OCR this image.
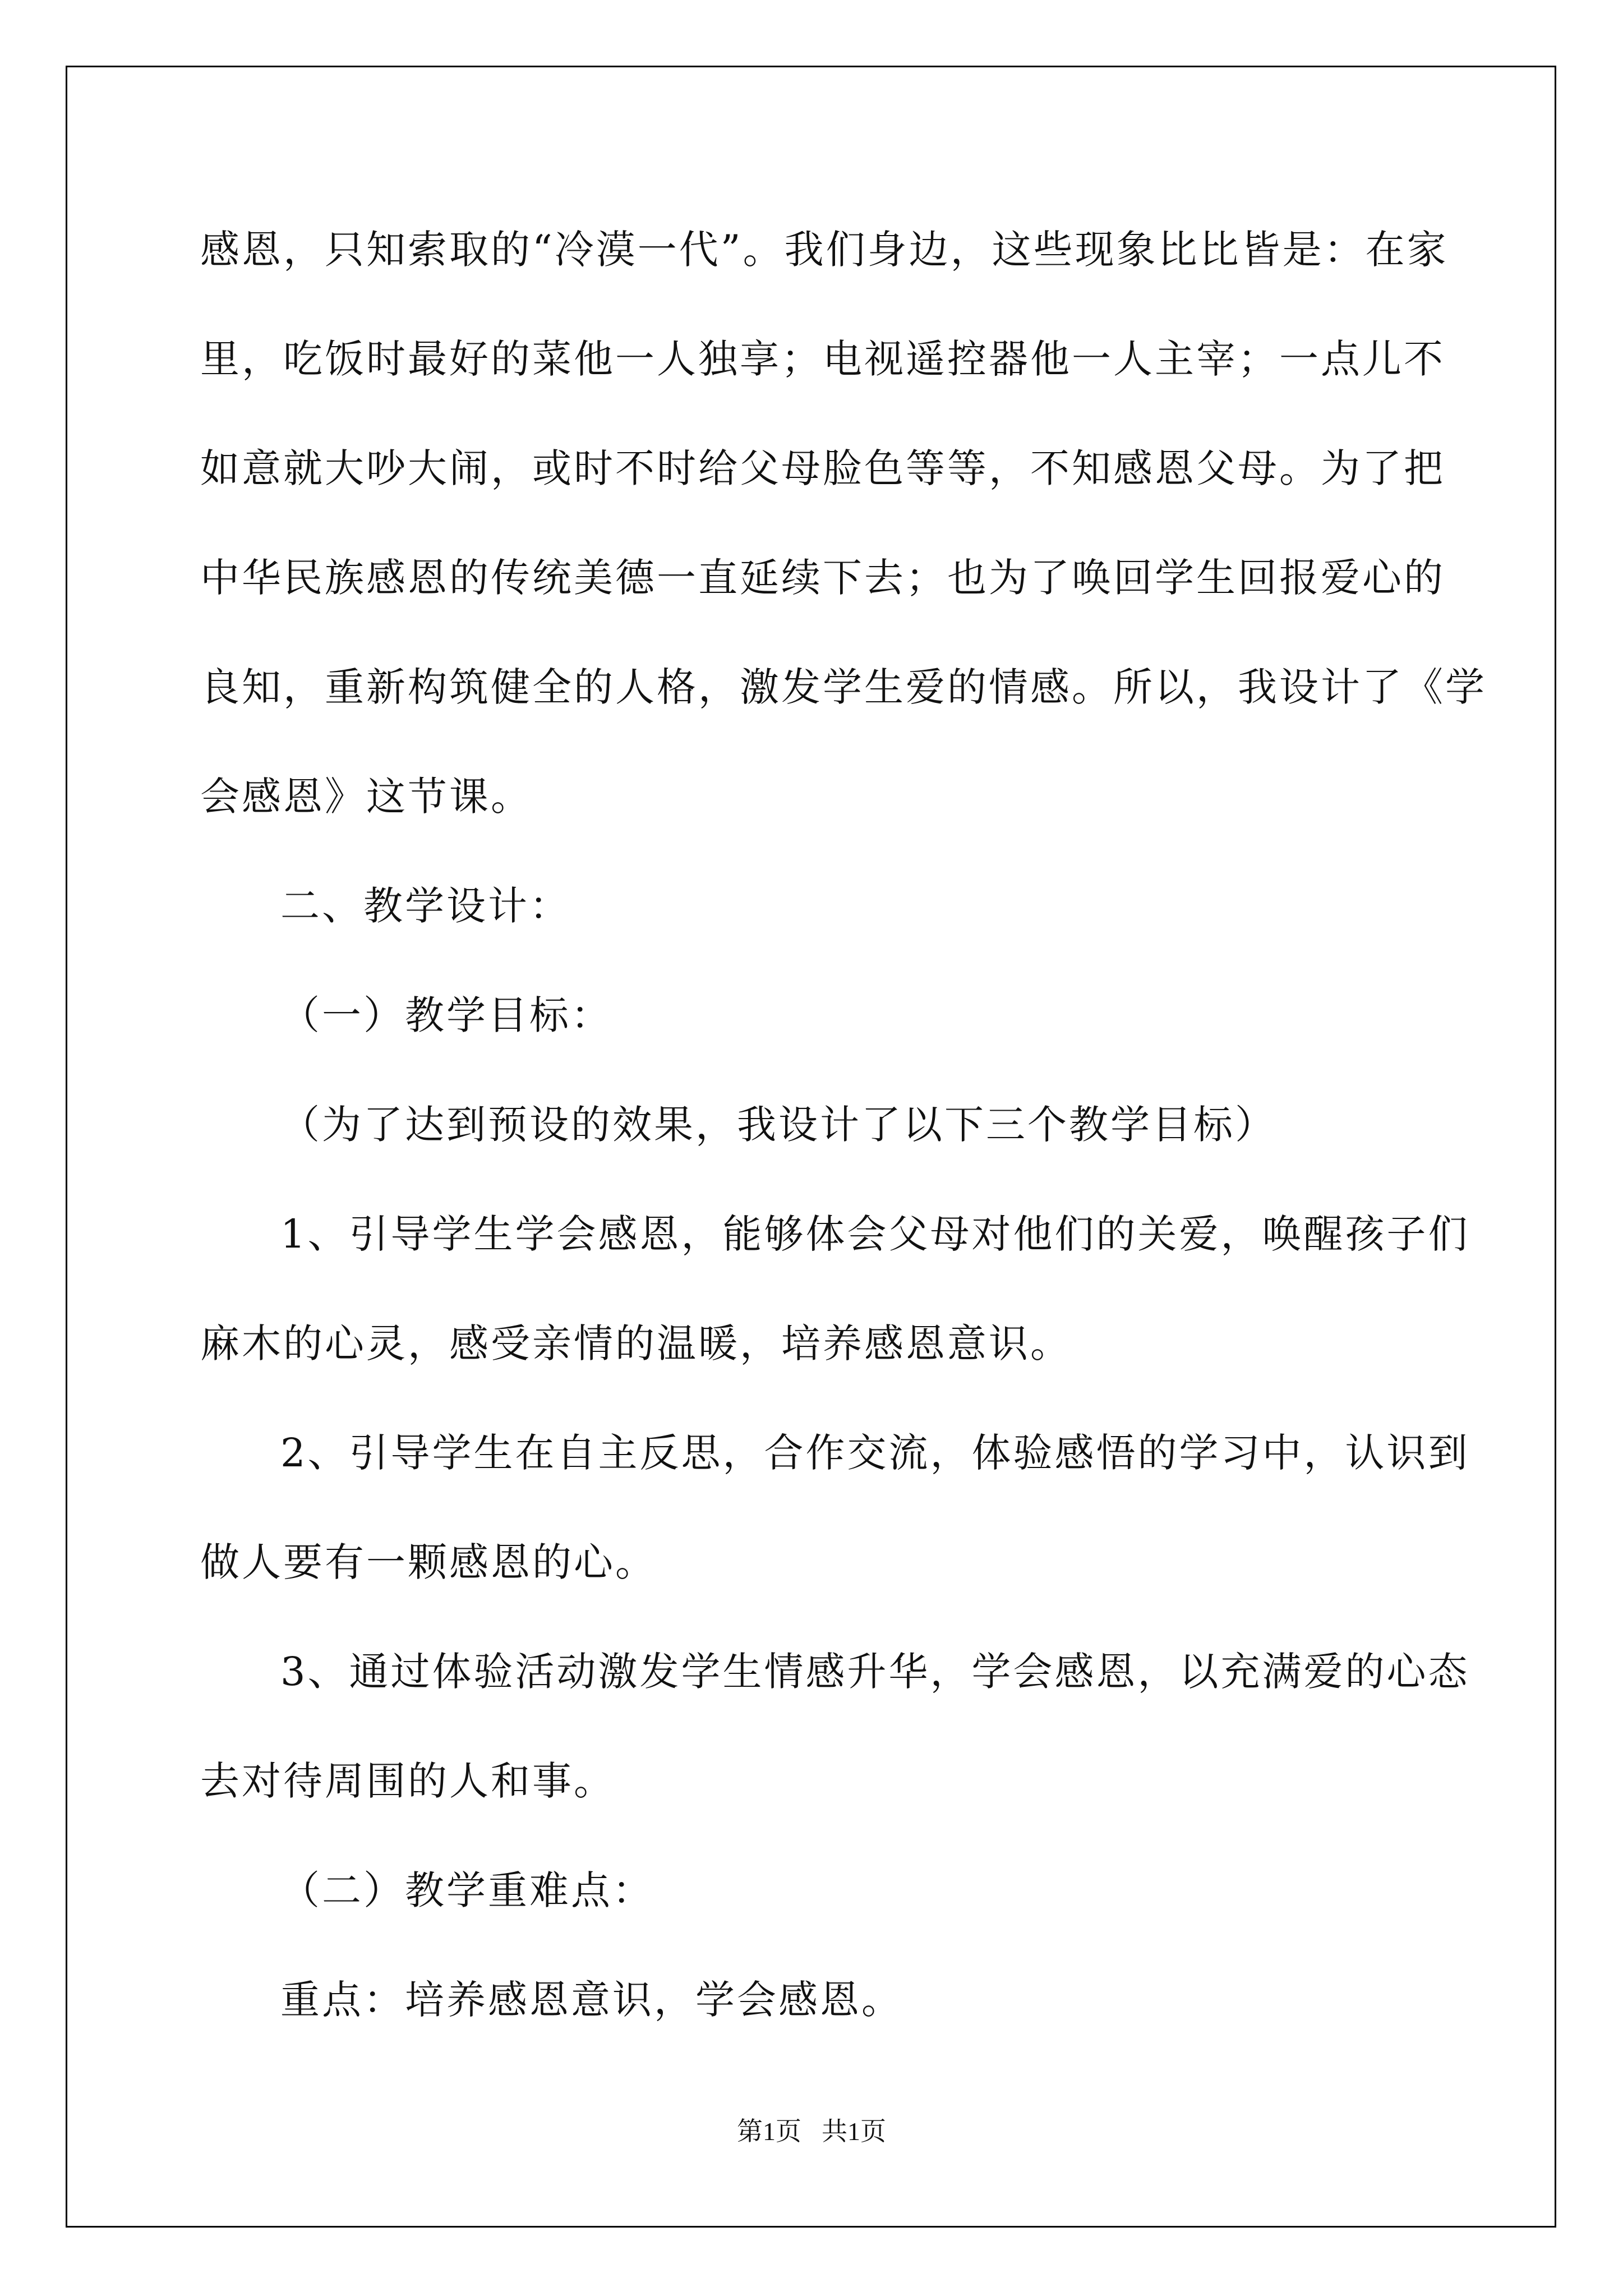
感恩，只知索取的“冷漠一代”。我们身边，这些现象比比皆是：在家
里，吃饭时最好的菜他一人独享；电视遥控器他一人主宰；一点儿不
如意就大吵大闹，或时不时给父母脸色等等，不知感恩父母。为了把
中华民族感恩的传统美德一直延续下去；也为了唤回学生回报爱心的
良知，重新构筑健全的人格，激发学生爱的情感。所以，我设计了《学
会感恩》这节课。
二、教学设计：
（一）教学目标：
（为了达到预设的效果，我设计了以下三个教学目标）
1、引导学生学会感恩，能够体会父母对他们的关爱，唤醒孩子们
麻木的心灵，感受亲情的温暖，培养感恩意识。
2、引导学生在自主反思，合作交流，体验感悟的学习中，认识到
做人要有一颗感恩的心。
3、通过体验活动激发学生情感升华，学会感恩，以充满爱的心态
去对待周围的人和事。
（二）教学重难点：
重点：培养感恩意识，学会感恩。
第1页 共1页
